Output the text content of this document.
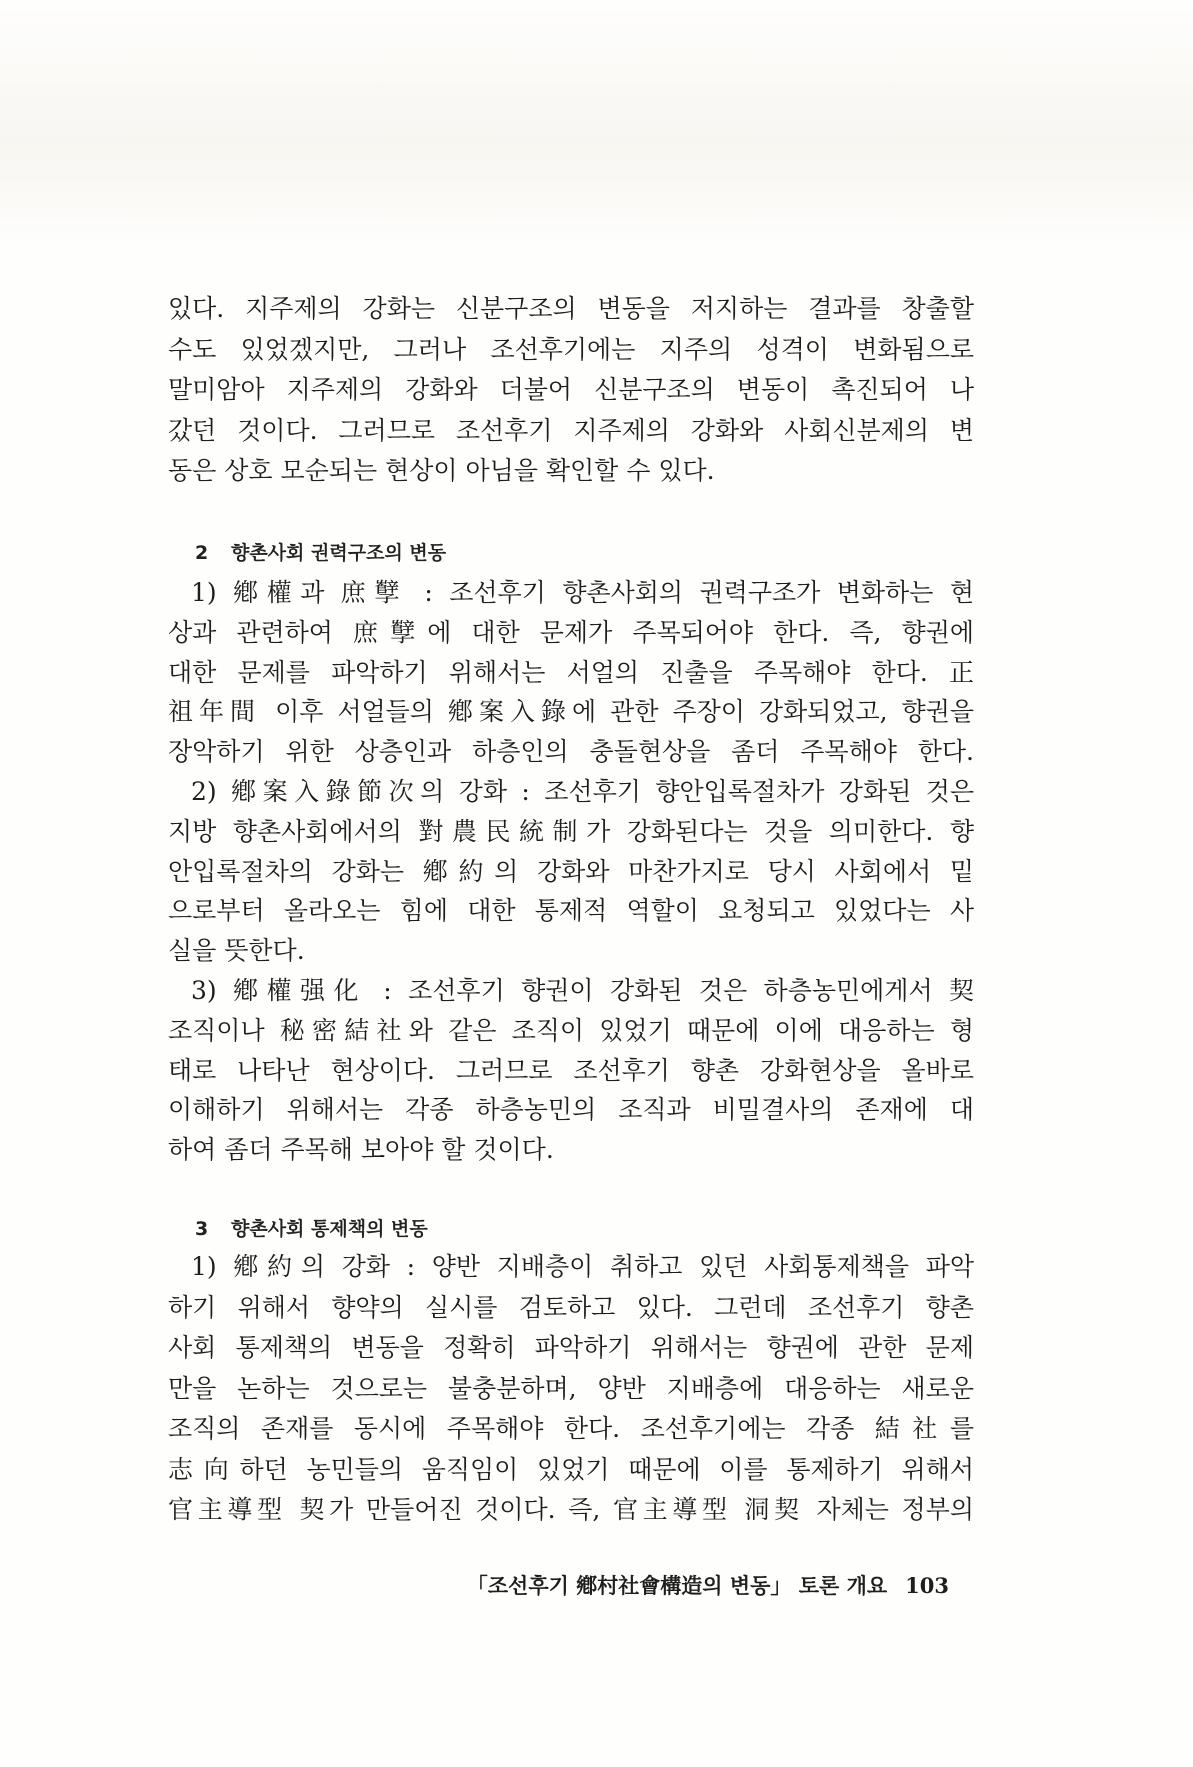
있다. 지주제의 강화는 신분구조의 변동을 저지하는 결과를 창출할
수도 있었겠지만, 그러나 조선후기에는 지주의 성격이 변화됨으로
말미암아 지주제의 강화와 더불어 신분구조의 변동이 촉진되어 나
갔던 것이다. 그러므로 조선후기 지주제의 강화와 사회신분제의 변
동은 상호 모순되는 현상이 아님을 확인할 수 있다.
2 향촌사회 권력구조의 변동
1) 鄕權과 庶孼 : 조선후기 향촌사회의 권력구조가 변화하는 현
상과 관련하여 庶孼에 대한 문제가 주목되어야 한다. 즉, 향권에
대한 문제를 파악하기 위해서는 서얼의 진출을 주목해야 한다. 正
祖年間 이후 서얼들의 鄕案入錄에 관한 주장이 강화되었고, 향권을
장악하기 위한 상층인과 하층인의 충돌현상을 좀더 주목해야 한다.
2) 鄕案入錄節次의 강화 : 조선후기 향안입록절차가 강화된 것은
지방 향촌사회에서의 對農民統制가 강화된다는 것을 의미한다. 향
안입록절차의 강화는 鄕約의 강화와 마찬가지로 당시 사회에서 밑
으로부터 올라오는 힘에 대한 통제적 역할이 요청되고 있었다는 사
실을 뜻한다.
3) 鄕權强化 : 조선후기 향권이 강화된 것은 하층농민에게서 契
조직이나 秘密結社와 같은 조직이 있었기 때문에 이에 대응하는 형
태로 나타난 현상이다. 그러므로 조선후기 향촌 강화현상을 올바로
이해하기 위해서는 각종 하층농민의 조직과 비밀결사의 존재에 대
하여 좀더 주목해 보아야 할 것이다.
3 향촌사회 통제책의 변동
1) 鄕約의 강화 : 양반 지배층이 취하고 있던 사회통제책을 파악
하기 위해서 향약의 실시를 검토하고 있다. 그런데 조선후기 향촌
사회 통제책의 변동을 정확히 파악하기 위해서는 향권에 관한 문제
만을 논하는 것으로는 불충분하며, 양반 지배층에 대응하는 새로운
조직의 존재를 동시에 주목해야 한다. 조선후기에는 각종 結社를
志向하던 농민들의 움직임이 있었기 때문에 이를 통제하기 위해서
官主導型 契가 만들어진 것이다. 즉, 官主導型 洞契 자체는 정부의
「조선후기 鄕村社會構造의 변동」 토론 개요 103
